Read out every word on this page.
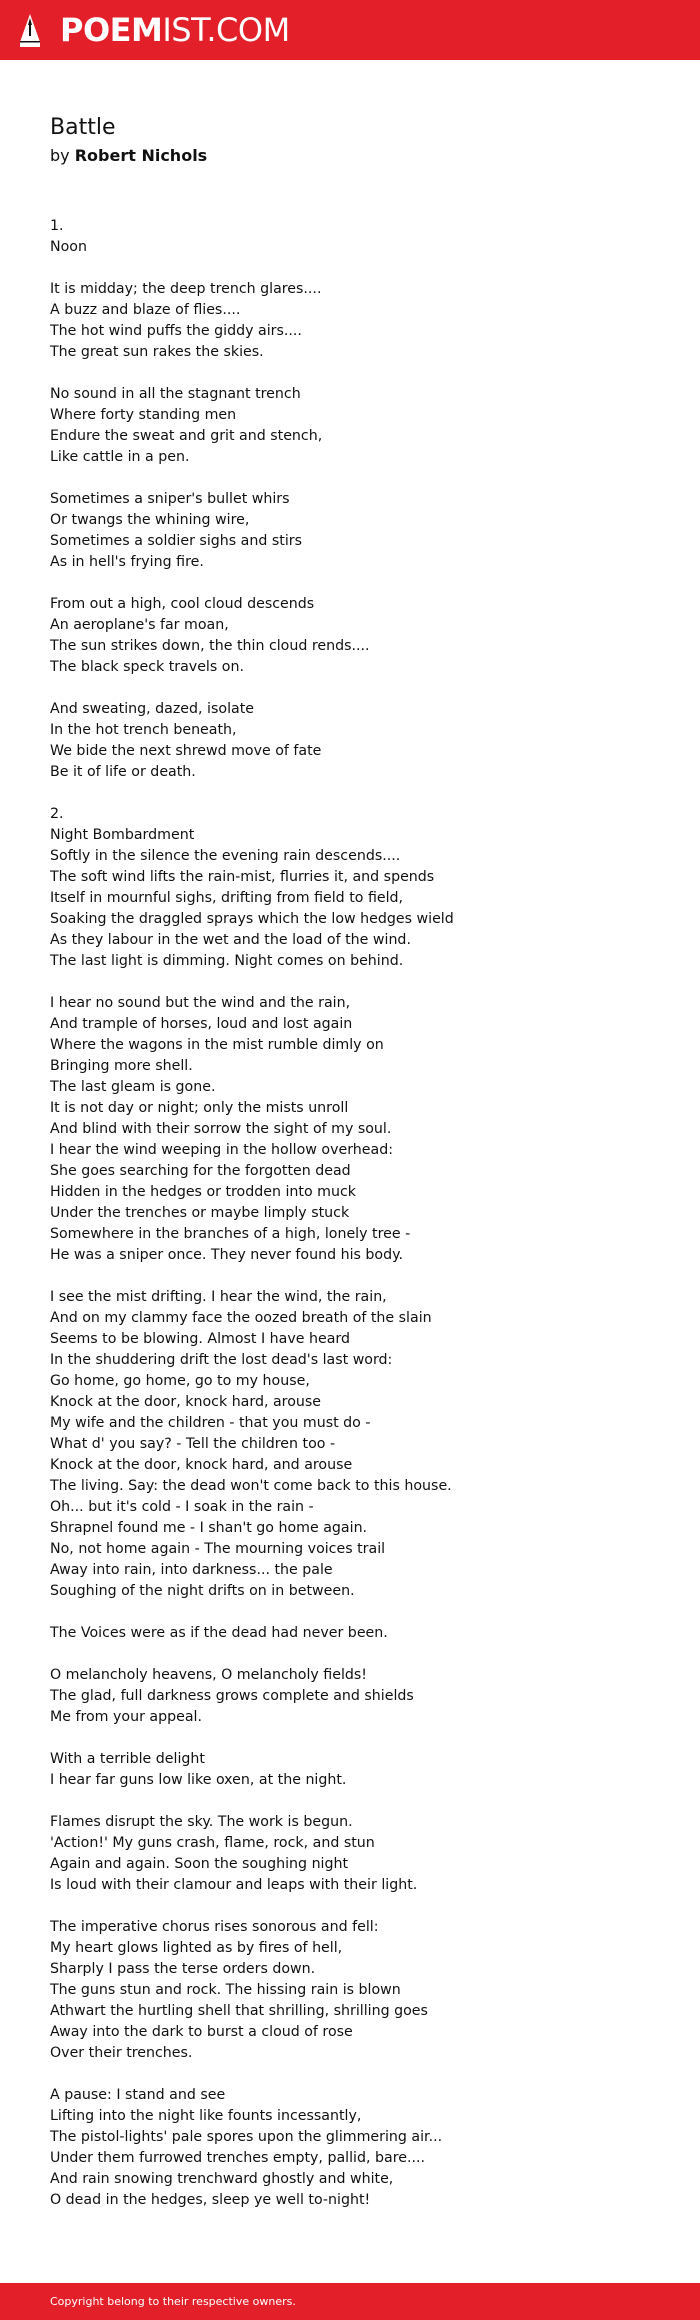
POEMIST.COM
Battle
by Robert Nichols
1.
Noon
It is midday; the deep trench glares....
A buzz and blaze of flies....
The hot wind puffs the giddy airs....
The great sun rakes the skies.
No sound in all the stagnant trench
Where forty standing men
Endure the sweat and grit and stench,
Like cattle in a pen.
Sometimes a sniper's bullet whirs
Or twangs the whining wire,
Sometimes a soldier sighs and stirs
As in hell's frying fire.
From out a high, cool cloud descends
An aeroplane's far moan,
The sun strikes down, the thin cloud rends....
The black speck travels on.
And sweating, dazed, isolate
In the hot trench beneath,
We bide the next shrewd move of fate
Be it of life or death.
2.
Night Bombardment
Softly in the silence the evening rain descends....
The soft wind lifts the rain-mist, flurries it, and spends
Itself in mournful sighs, drifting from field to field,
Soaking the draggled sprays which the low hedges wield
As they labour in the wet and the load of the wind.
The last light is dimming. Night comes on behind.
I hear no sound but the wind and the rain,
And trample of horses, loud and lost again
Where the wagons in the mist rumble dimly on
Bringing more shell.
The last gleam is gone.
It is not day or night; only the mists unroll
And blind with their sorrow the sight of my soul.
I hear the wind weeping in the hollow overhead:
She goes searching for the forgotten dead
Hidden in the hedges or trodden into muck
Under the trenches or maybe limply stuck
Somewhere in the branches of a high, lonely tree -
He was a sniper once. They never found his body.
I see the mist drifting. I hear the wind, the rain,
And on my clammy face the oozed breath of the slain
Seems to be blowing. Almost I have heard
In the shuddering drift the lost dead's last word:
Go home, go home, go to my house,
Knock at the door, knock hard, arouse
My wife and the children - that you must do -
What d' you say? - Tell the children too -
Knock at the door, knock hard, and arouse
The living. Say: the dead won't come back to this house.
Oh... but it's cold - I soak in the rain -
Shrapnel found me - I shan't go home again.
No, not home again - The mourning voices trail
Away into rain, into darkness... the pale
Soughing of the night drifts on in between.
The Voices were as if the dead had never been.
O melancholy heavens, O melancholy fields!
The glad, full darkness grows complete and shields
Me from your appeal.
With a terrible delight
I hear far guns low like oxen, at the night.
Flames disrupt the sky. The work is begun.
'Action!' My guns crash, flame, rock, and stun
Again and again. Soon the soughing night
Is loud with their clamour and leaps with their light.
The imperative chorus rises sonorous and fell:
My heart glows lighted as by fires of hell,
Sharply I pass the terse orders down.
The guns stun and rock. The hissing rain is blown
Athwart the hurtling shell that shrilling, shrilling goes
Away into the dark to burst a cloud of rose
Over their trenches.
A pause: I stand and see
Lifting into the night like founts incessantly,
The pistol-lights' pale spores upon the glimmering air...
Under them furrowed trenches empty, pallid, bare....
And rain snowing trenchward ghostly and white,
O dead in the hedges, sleep ye well to-night!
Copyright belong to their respective owners.
